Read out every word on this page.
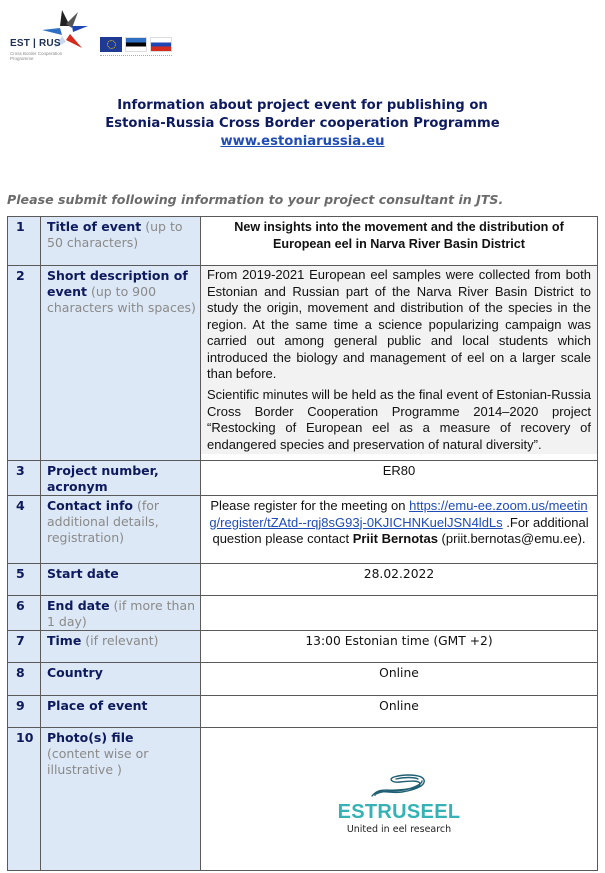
EST | RUS
Cross Border Cooperation Programme
Information about project event for publishing on
Estonia-Russia Cross Border cooperation Programme
www.estoniarussia.eu
Please submit following information to your project consultant in JTS.
1	Title of event (up to 50 characters)	New insights into the movement and the distribution of European eel in Narva River Basin District
2	Short description of event (up to 900 characters with spaces)	From 2019-2021 European eel samples were collected from both Estonian and Russian part of the Narva River Basin District to study the origin, movement and distribution of the species in the region. At the same time a science popularizing campaign was carried out among general public and local students which introduced the biology and management of eel on a larger scale than before.
Scientific minutes will be held as the final event of Estonian-Russia Cross Border Cooperation Programme 2014–2020 project “Restocking of European eel as a measure of recovery of endangered species and preservation of natural diversity”.

3	Project number, acronym	ER80
4	Contact info (for additional details, registration)	Please register for the meeting on https://emu-ee.zoom.us/meeting/register/tZAtd--rqj8sG93j-0KJICHNKuelJSN4ldLs .For additional question please contact Priit Bernotas (priit.bernotas@emu.ee).
5	Start date	28.02.2022
6	End date (if more than 1 day)	
7	Time (if relevant)	13:00 Estonian time (GMT +2)
8	Country	Online
9	Place of event	Online
10	Photo(s) file
(content wise or illustrative )	
ESTRUSEEL
United in eel research
